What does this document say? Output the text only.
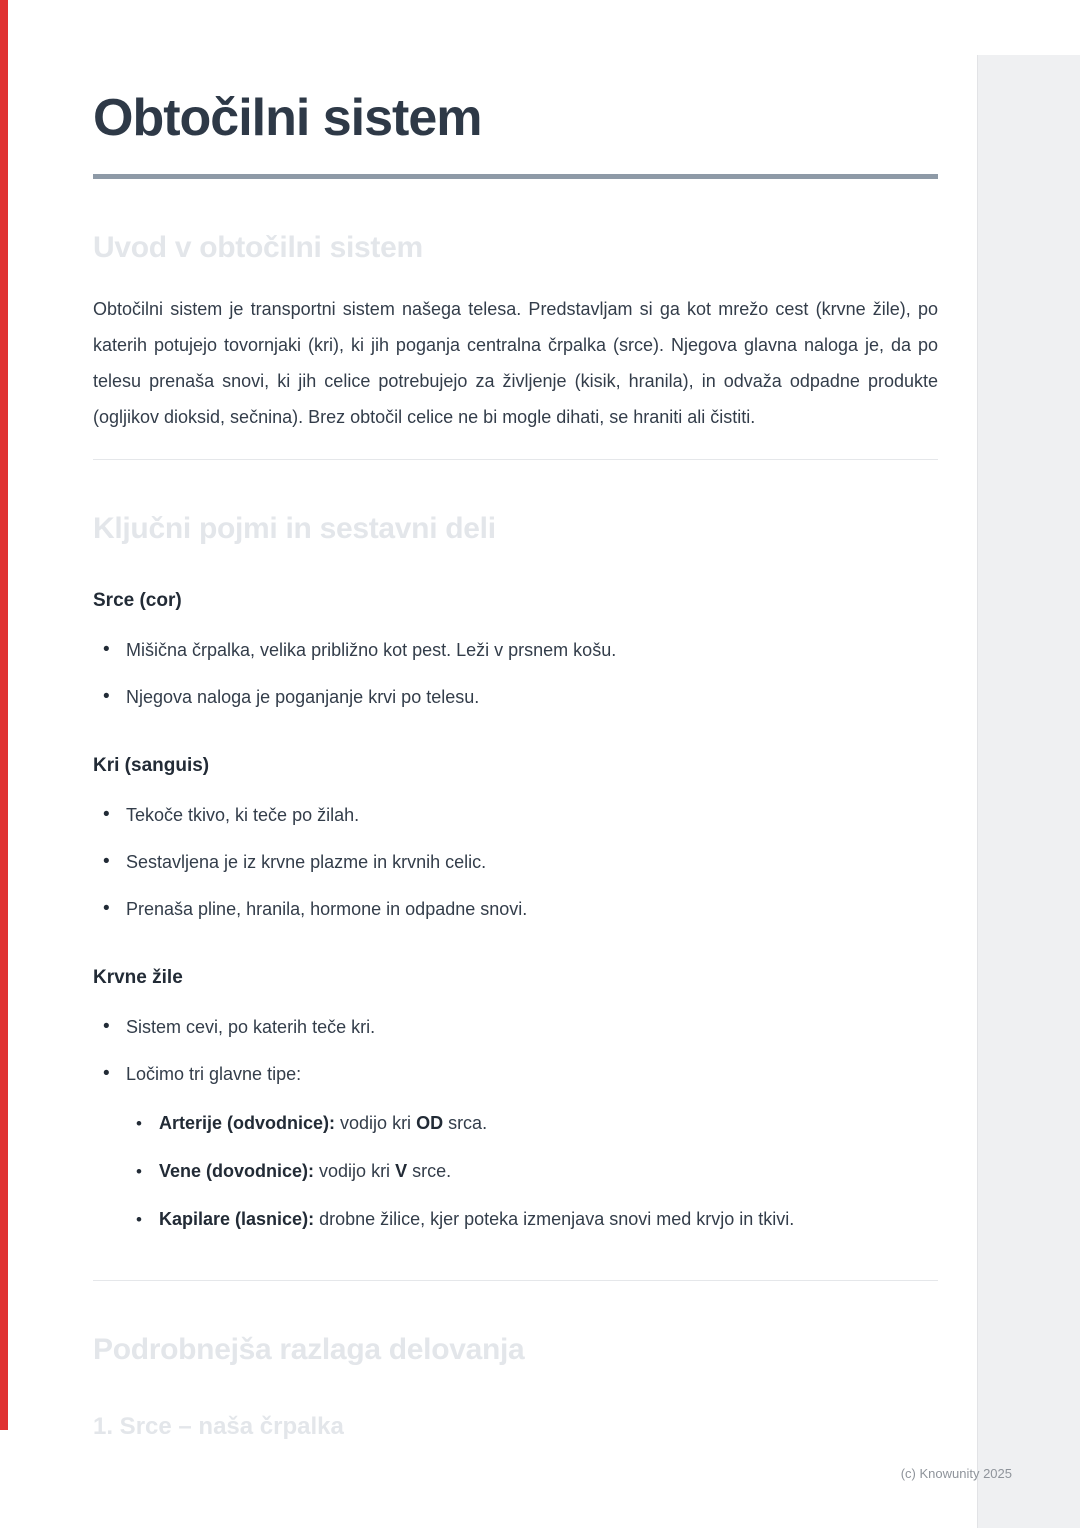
Obtočilni sistem
Uvod v obtočilni sistem

Obtočilni sistem je transportni sistem našega telesa. Predstavljam si ga kot mrežo cest (krvne žile), po katerih potujejo tovornjaki (kri), ki jih poganja centralna črpalka (srce). Njegova glavna naloga je, da po telesu prenaša snovi, ki jih celice potrebujejo za življenje (kisik, hranila), in odvaža odpadne produkte (ogljikov dioksid, sečnina). Brez obtočil celice ne bi mogle dihati, se hraniti ali čistiti.

Ključni pojmi in sestavni deli
Srce (cor)
• Mišična črpalka, velika približno kot pest. Leži v prsnem košu.
• Njegova naloga je poganjanje krvi po telesu.
Kri (sanguis)
• Tekoče tkivo, ki teče po žilah.
• Sestavljena je iz krvne plazme in krvnih celic.
• Prenaša pline, hranila, hormone in odpadne snovi.
Krvne žile
• Sistem cevi, po katerih teče kri.
• Ločimo tri glavne tipe:
• Arterije (odvodnice): vodijo kri OD srca.
• Vene (dovodnice): vodijo kri V srce.
• Kapilare (lasnice): drobne žilice, kjer poteka izmenjava snovi med krvjo in tkivi.
Podrobnejša razlaga delovanja
1. Srce – naša črpalka
(c) Knowunity 2025
